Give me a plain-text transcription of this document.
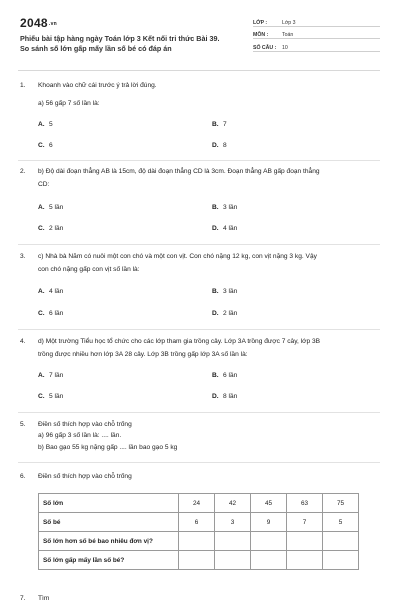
2048.vn
Phiếu bài tập hàng ngày Toán lớp 3 Kết nối tri thức Bài 39.
So sánh số lớn gấp mấy lần số bé có đáp án
LỚP :	Lớp 3
MÔN :	Toán
SỐ CÂU :	10
1.	Khoanh vào chữ cái trước ý trả lời đúng.
a) 56 gấp 7 số lần là:
A. 5	B. 7
C. 6	D. 8
2.	b) Độ dài đoạn thẳng AB là 15cm, độ dài đoạn thẳng CD là 3cm. Đoạn thẳng AB gấp đoạn thẳng
CD:
A. 5 lần	B. 3 lần
C. 2 lần	D. 4 lần
3.	c) Nhà bà Năm có nuôi một con chó và một con vịt. Con chó nặng 12 kg, con vịt nặng 3 kg. Vậy
con chó nặng gấp con vịt số lần là:
A. 4 lần	B. 3 lần
C. 6 lần	D. 2 lần
4.	d) Một trường Tiểu học tổ chức cho các lớp tham gia trồng cây. Lớp 3A trồng được 7 cây, lớp 3B
trồng được nhiều hơn lớp 3A 28 cây. Lớp 3B trồng gấp lớp 3A số lần là:
A. 7 lần	B. 6 lần
C. 5 lần	D. 8 lần
5.	Điền số thích hợp vào chỗ trống
a) 96 gấp 3 số lần là: .... lần.
b) Bao gạo 55 kg nặng gấp .... lần bao gạo 5 kg
6.	Điền số thích hợp vào chỗ trống
Số lớn	24	42	45	63	75
Số bé	6	3	9	7	5
Số lớn hơn số bé bao nhiêu đơn vị?					
Số lớn gấp mấy lần số bé?					
7.	Tìm
